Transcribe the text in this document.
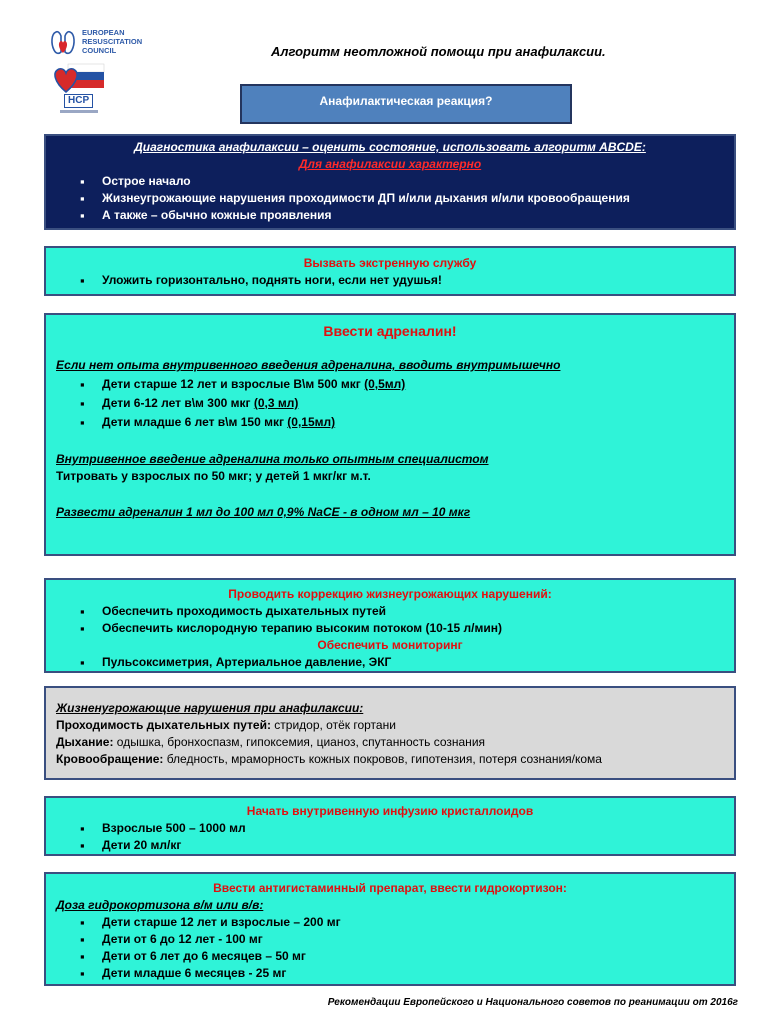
EUROPEAN
RESUSCITATION
COUNCIL
НСР
Алгоритм неотложной помощи при анафилаксии.
Анафилактическая реакция?
Диагностика анафилаксии – оценить состояние, использовать алгоритм ABCDE:
Для анафилаксии характерно
▪ Острое начало
▪ Жизнеугрожающие нарушения проходимости ДП и/или дыхания и/или кровообращения
▪ А также – обычно кожные проявления
Вызвать экстренную службу
▪ Уложить горизонтально, поднять ноги, если нет удушья!
Ввести адреналин!
Если нет опыта внутривенного введения адреналина, вводить внутримышечно
▪ Дети старше 12 лет и взрослые В\м 500 мкг (0,5мл)
▪ Дети 6-12 лет в\м 300 мкг (0,3 мл)
▪ Дети младше 6 лет в\м 150 мкг (0,15мл)
Внутривенное введение адреналина только опытным специалистом
Титровать у взрослых по 50 мкг; у детей 1 мкг/кг м.т.
Развести адреналин 1 мл до 100 мл 0,9% NaCE - в одном мл – 10 мкг
Проводить коррекцию жизнеугрожающих нарушений:
▪ Обеспечить проходимость дыхательных путей
▪ Обеспечить кислородную терапию высоким потоком (10-15 л/мин)
Обеспечить мониторинг
▪ Пульсоксиметрия, Артериальное давление, ЭКГ
Жизненугрожающие нарушения при анафилаксии:
Проходимость дыхательных путей: стридор, отёк гортани
Дыхание: одышка, бронхоспазм, гипоксемия, цианоз, спутанность сознания
Кровообращение: бледность, мраморность кожных покровов, гипотензия, потеря сознания/кома
Начать внутривенную инфузию кристаллоидов
▪ Взрослые 500 – 1000 мл
▪ Дети 20 мл/кг
Ввести антигистаминный препарат, ввести гидрокортизон:
Доза гидрокортизона в/м или в/в:
▪ Дети старше 12 лет и взрослые – 200 мг
▪ Дети от 6 до 12 лет - 100 мг
▪ Дети от 6 лет до 6 месяцев – 50 мг
▪ Дети младше 6 месяцев - 25 мг
Рекомендации Европейского и Национального советов по реанимации от 2016г
